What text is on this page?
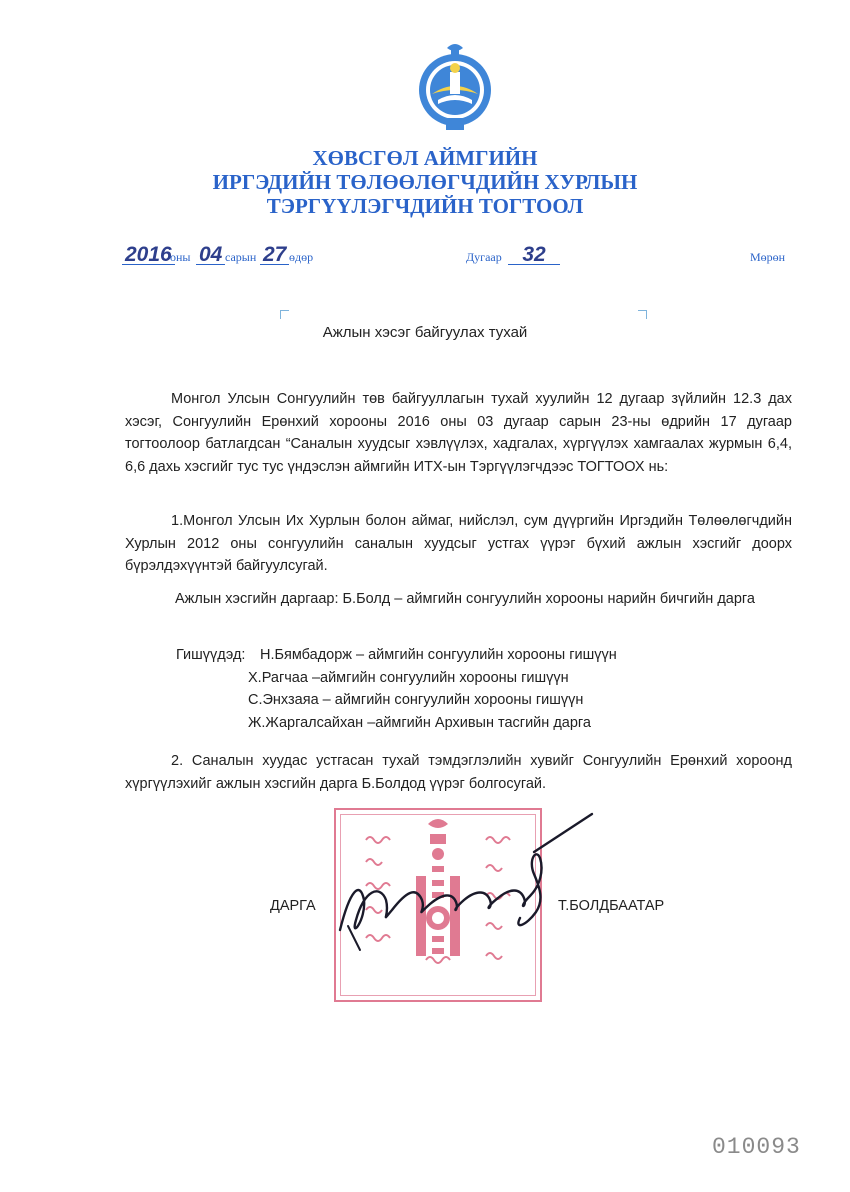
ХӨВСГӨЛ АЙМГИЙН
ИРГЭДИЙН ТӨЛӨӨЛӨГЧДИЙН ХУРЛЫН
ТЭРГҮҮЛЭГЧДИЙН ТОГТООЛ
2016
оны 04 сарын 27 өдөр	Дугаар 32	Мөрөн
Ажлын хэсэг байгуулах тухай
Монгол Улсын Сонгуулийн төв байгууллагын тухай хуулийн 12 дугаар зүйлийн 12.3 дах хэсэг, Сонгуулийн Ерөнхий хорооны 2016 оны 03 дугаар сарын 23-ны өдрийн 17 дугаар тогтоолоор батлагдсан “Саналын хуудсыг хэвлүүлэх, хадгалах, хүргүүлэх хамгаалах журмын 6,4, 6,6 дахь хэсгийг тус тус үндэслэн аймгийн ИТХ-ын Тэргүүлэгчдээс ТОГТООХ нь:
1.Монгол Улсын Их Хурлын болон аймаг, нийслэл, сум дүүргийн Иргэдийн Төлөөлөгчдийн Хурлын 2012 оны сонгуулийн саналын хуудсыг устгах үүрэг бүхий ажлын хэсгийг доорх бүрэлдэхүүнтэй байгуулсугай.
Ажлын хэсгийн даргаар: Б.Болд – аймгийн сонгуулийн хорооны нарийн бичгийн дарга
Гишүүдэд: Н.Бямбадорж – аймгийн сонгуулийн хорооны гишүүн
Х.Рагчаа –аймгийн сонгуулийн хорооны гишүүн
С.Энхзаяа – аймгийн сонгуулийн хорооны гишүүн
Ж.Жаргалсайхан –аймгийн Архивын тасгийн дарга
2. Саналын хуудас устгасан тухай тэмдэглэлийн хувийг Сонгуулийн Ерөнхий хороонд хүргүүлэхийг ажлын хэсгийн дарга Б.Болдод үүрэг болгосугай.
ДАРГА	Т.БОЛДБААТАР
010093
